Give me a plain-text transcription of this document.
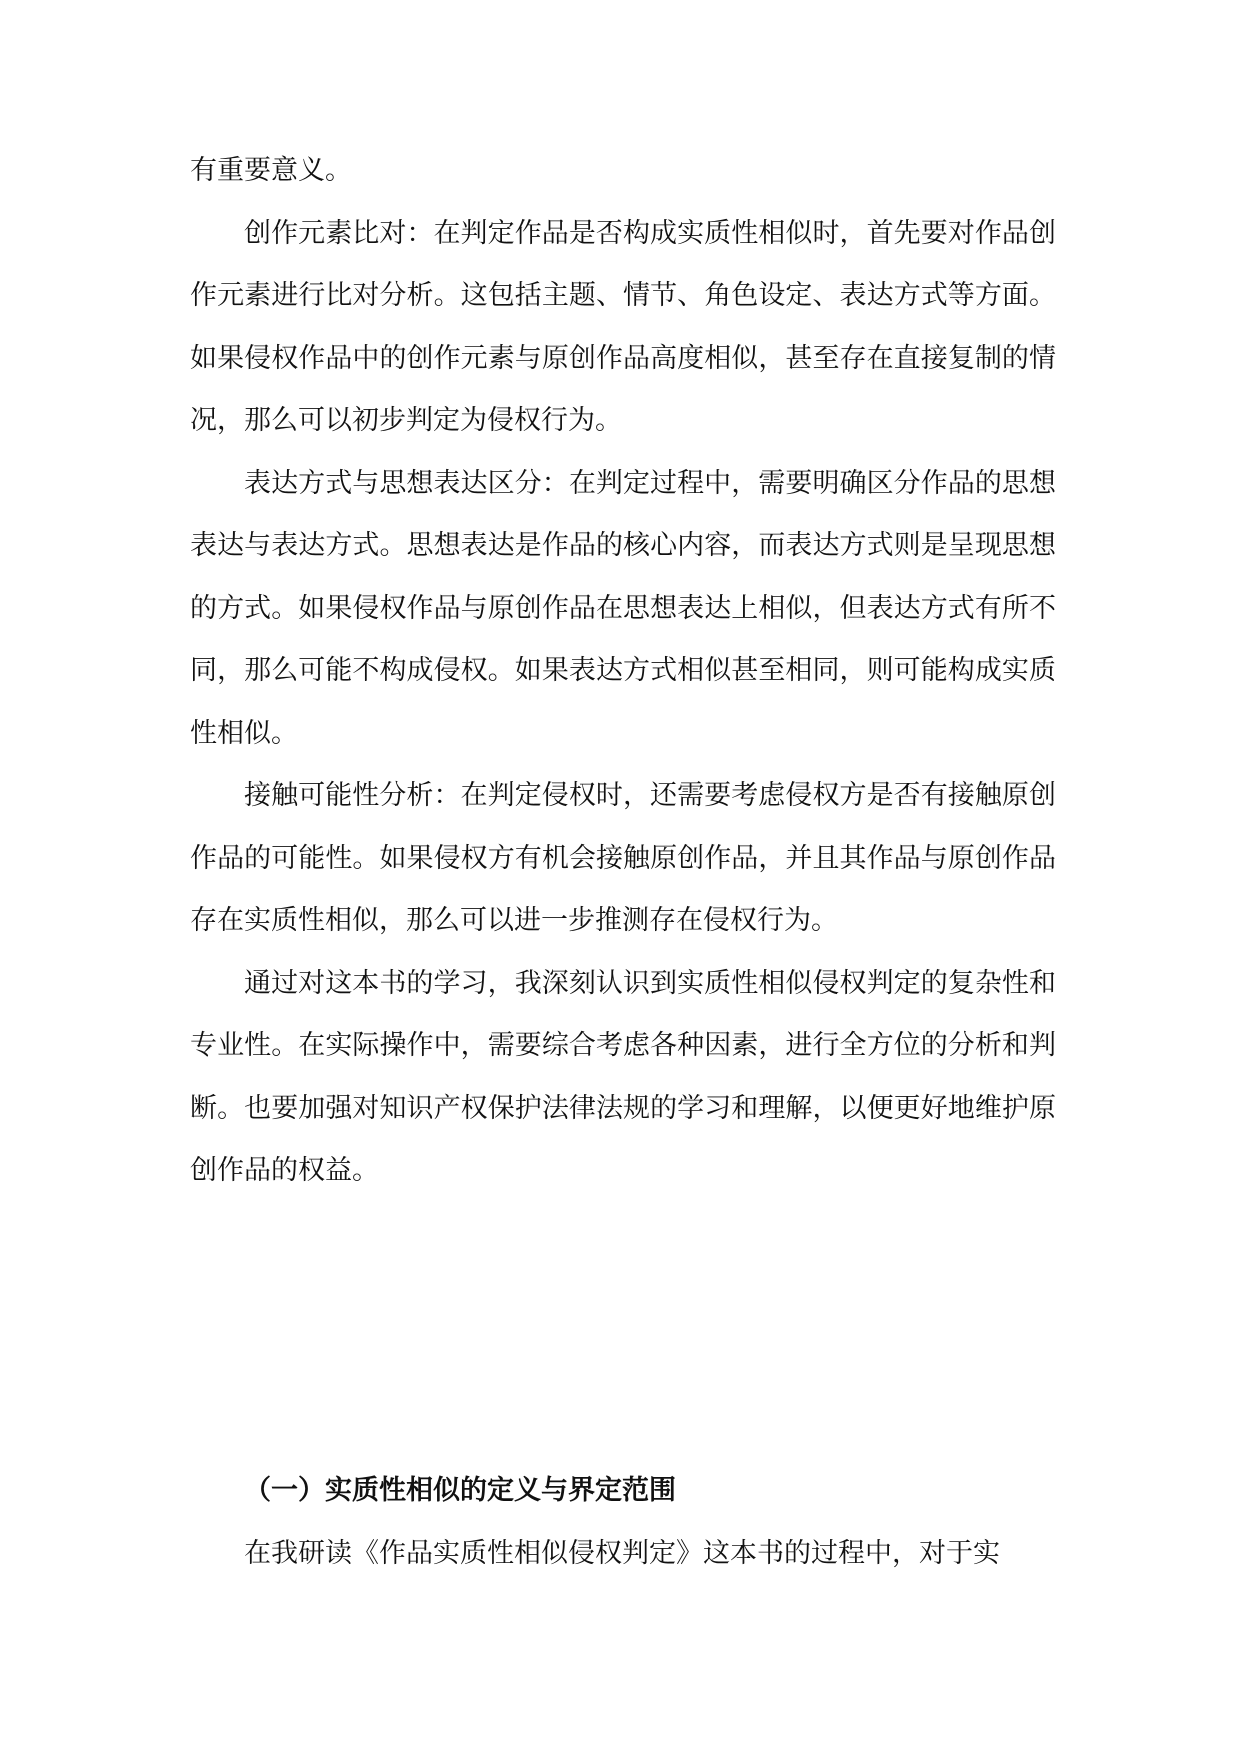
有重要意义。

创作元素比对：在判定作品是否构成实质性相似时，首先要对作品创作元素进行比对分析。这包括主题、情节、角色设定、表达方式等方面。如果侵权作品中的创作元素与原创作品高度相似，甚至存在直接复制的情况，那么可以初步判定为侵权行为。

表达方式与思想表达区分：在判定过程中，需要明确区分作品的思想表达与表达方式。思想表达是作品的核心内容，而表达方式则是呈现思想的方式。如果侵权作品与原创作品在思想表达上相似，但表达方式有所不同，那么可能不构成侵权。如果表达方式相似甚至相同，则可能构成实质性相似。

接触可能性分析：在判定侵权时，还需要考虑侵权方是否有接触原创作品的可能性。如果侵权方有机会接触原创作品，并且其作品与原创作品存在实质性相似，那么可以进一步推测存在侵权行为。

通过对这本书的学习，我深刻认识到实质性相似侵权判定的复杂性和专业性。在实际操作中，需要综合考虑各种因素，进行全方位的分析和判断。也要加强对知识产权保护法律法规的学习和理解，以便更好地维护原创作品的权益。

（一）实质性相似的定义与界定范围

在我研读《作品实质性相似侵权判定》这本书的过程中，对于实
